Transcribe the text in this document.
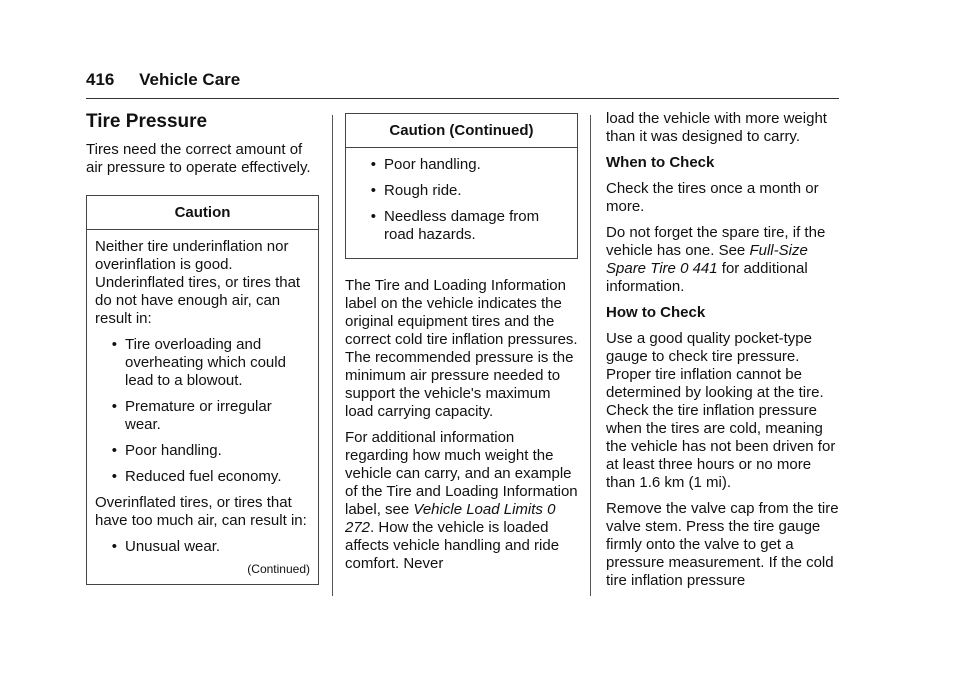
416 Vehicle Care
Tire Pressure

Tires need the correct amount of air pressure to operate effectively.

Caution

Neither tire underinflation nor overinflation is good. Underinflated tires, or tires that do not have enough air, can result in:

• Tire overloading and overheating which could lead to a blowout.
• Premature or irregular wear.
• Poor handling.
• Reduced fuel economy.

Overinflated tires, or tires that have too much air, can result in:

• Unusual wear.
(Continued)
Caution (Continued)
• Poor handling.
• Rough ride.
• Needless damage from road hazards.

The Tire and Loading Information label on the vehicle indicates the original equipment tires and the correct cold tire inflation pressures. The recommended pressure is the minimum air pressure needed to support the vehicle's maximum load carrying capacity.

For additional information regarding how much weight the vehicle can carry, and an example of the Tire and Loading Information label, see Vehicle Load Limits 0 272. How the vehicle is loaded affects vehicle handling and ride comfort. Never

load the vehicle with more weight than it was designed to carry.

When to Check

Check the tires once a month or more.

Do not forget the spare tire, if the vehicle has one. See Full-Size Spare Tire 0 441 for additional information.

How to Check

Use a good quality pocket-type gauge to check tire pressure. Proper tire inflation cannot be determined by looking at the tire. Check the tire inflation pressure when the tires are cold, meaning the vehicle has not been driven for at least three hours or no more than 1.6 km (1 mi).

Remove the valve cap from the tire valve stem. Press the tire gauge firmly onto the valve to get a pressure measurement. If the cold tire inflation pressure
